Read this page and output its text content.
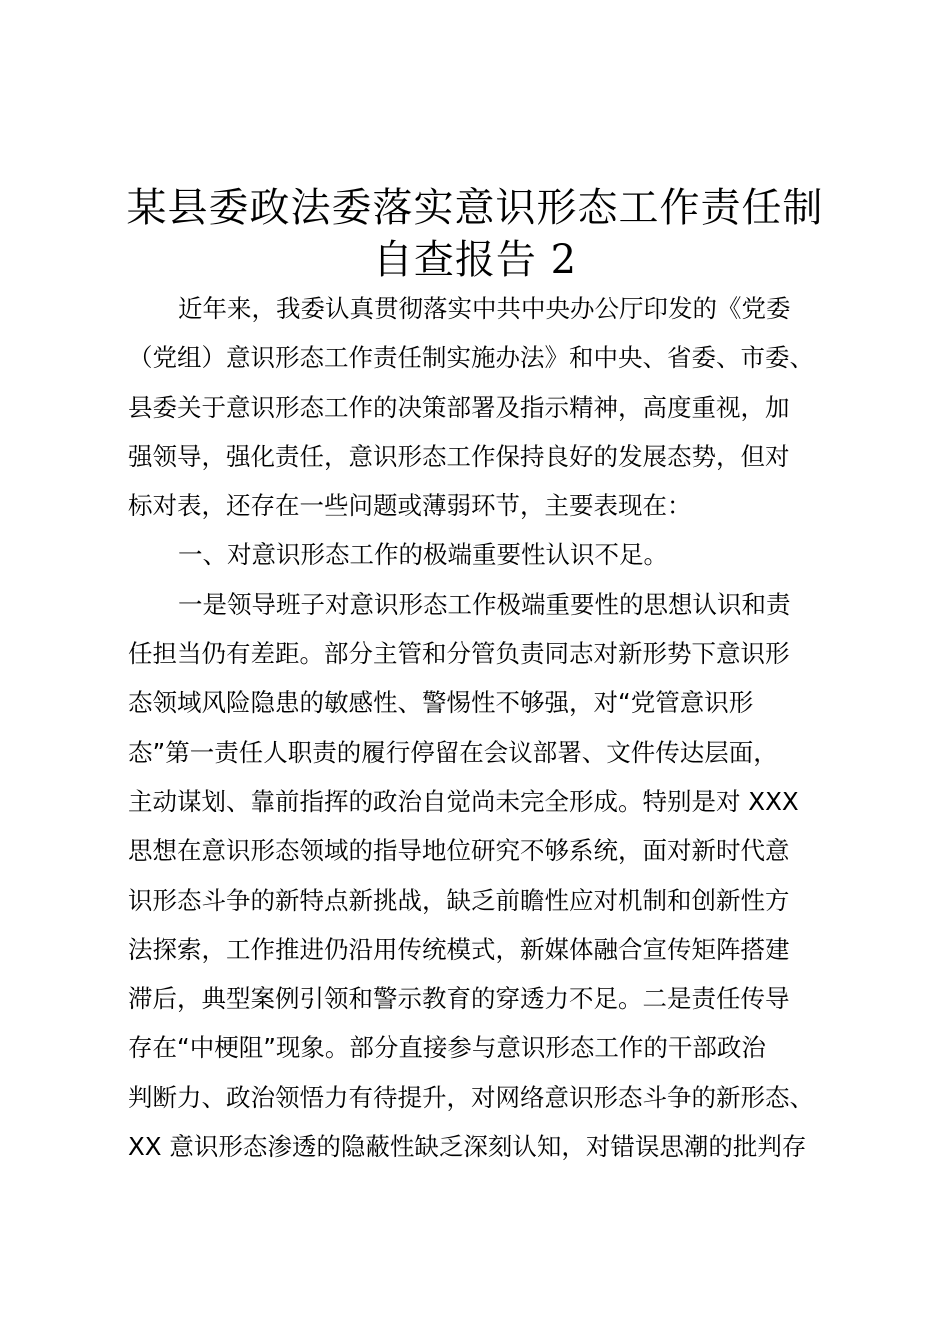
某县委政法委落实意识形态工作责任制
自查报告 2
近年来，我委认真贯彻落实中共中央办公厅印发的《党委
（党组）意识形态工作责任制实施办法》和中央、省委、市委、
县委关于意识形态工作的决策部署及指示精神，高度重视，加
强领导，强化责任，意识形态工作保持良好的发展态势，但对
标对表，还存在一些问题或薄弱环节，主要表现在：
一、对意识形态工作的极端重要性认识不足。
一是领导班子对意识形态工作极端重要性的思想认识和责
任担当仍有差距。部分主管和分管负责同志对新形势下意识形
态领域风险隐患的敏感性、警惕性不够强，对“党管意识形
态”第一责任人职责的履行停留在会议部署、文件传达层面，
主动谋划、靠前指挥的政治自觉尚未完全形成。特别是对 XXX
思想在意识形态领域的指导地位研究不够系统，面对新时代意
识形态斗争的新特点新挑战，缺乏前瞻性应对机制和创新性方
法探索，工作推进仍沿用传统模式，新媒体融合宣传矩阵搭建
滞后，典型案例引领和警示教育的穿透力不足。二是责任传导
存在“中梗阻”现象。部分直接参与意识形态工作的干部政治
判断力、政治领悟力有待提升，对网络意识形态斗争的新形态、
XX 意识形态渗透的隐蔽性缺乏深刻认知，对错误思潮的批判存
